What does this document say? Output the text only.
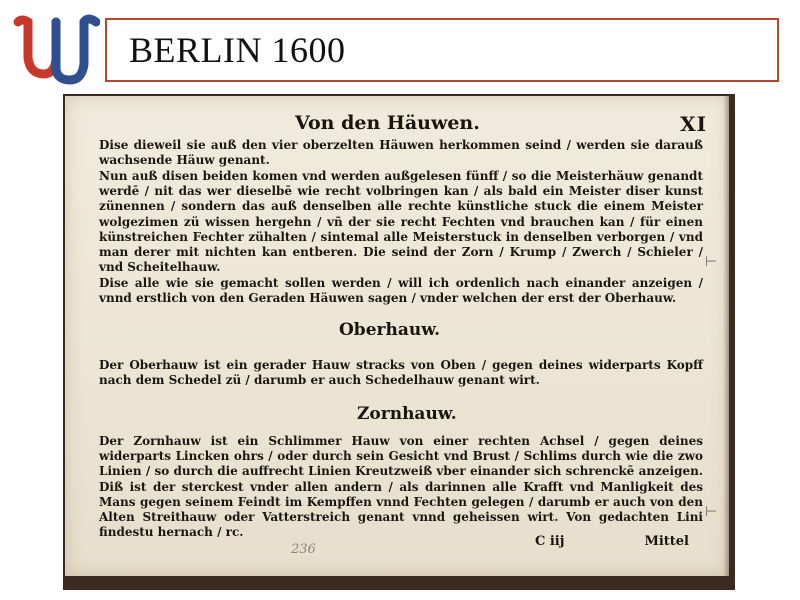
BERLIN 1600
Von den Häuwen.	XI
Dise dieweil sie auß den vier oberzelten Häuwen herkommen seind / werden sie darauß wachsende Häuw genant.
Nun auß disen beiden komen vnd werden außgelesen fünff / so die Meisterhäuw genandt werdē / nit das wer dieselbē wie recht volbringen kan / als bald ein Meister diser kunst zünennen / sondern das auß denselben alle rechte künstliche stuck die einem Meister wolgezimen zü wissen hergehn / vñ der sie recht Fechten vnd brauchen kan / für einen künstreichen Fechter zühalten / sintemal alle Meisterstuck in denselben verborgen / vnd man derer mit nichten kan entberen. Die seind der Zorn / Krump / Zwerch / Schieler / vnd Scheitelhauw.
Dise alle wie sie gemacht sollen werden / will ich ordenlich nach einander anzeigen / vnnd erstlich von den Geraden Häuwen sagen / vnder welchen der erst der Oberhauw.
Oberhauw.
Der Oberhauw ist ein gerader Hauw stracks von Oben / gegen deines widerparts Kopff nach dem Schedel zü / darumb er auch Schedelhauw genant wirt.
Zornhauw.
Der Zornhauw ist ein Schlimmer Hauw von einer rechten Achsel / gegen deines widerparts Lincken ohrs / oder durch sein Gesicht vnd Brust / Schlims durch wie die zwo Linien / so durch die auffrecht Linien Kreutzweiß vber einander sich schrenckē anzeigen. Diß ist der sterckest vnder allen andern / als darinnen alle Krafft vnd Manligkeit des Mans gegen seinem Feindt im Kempffen vnnd Fechten gelegen / darumb er auch von den Alten Streithauw oder Vatterstreich genant vnnd geheissen wirt. Von gedachten Lini findestu hernach / rc.
C iij	Mittel
236
⊢
⊢
